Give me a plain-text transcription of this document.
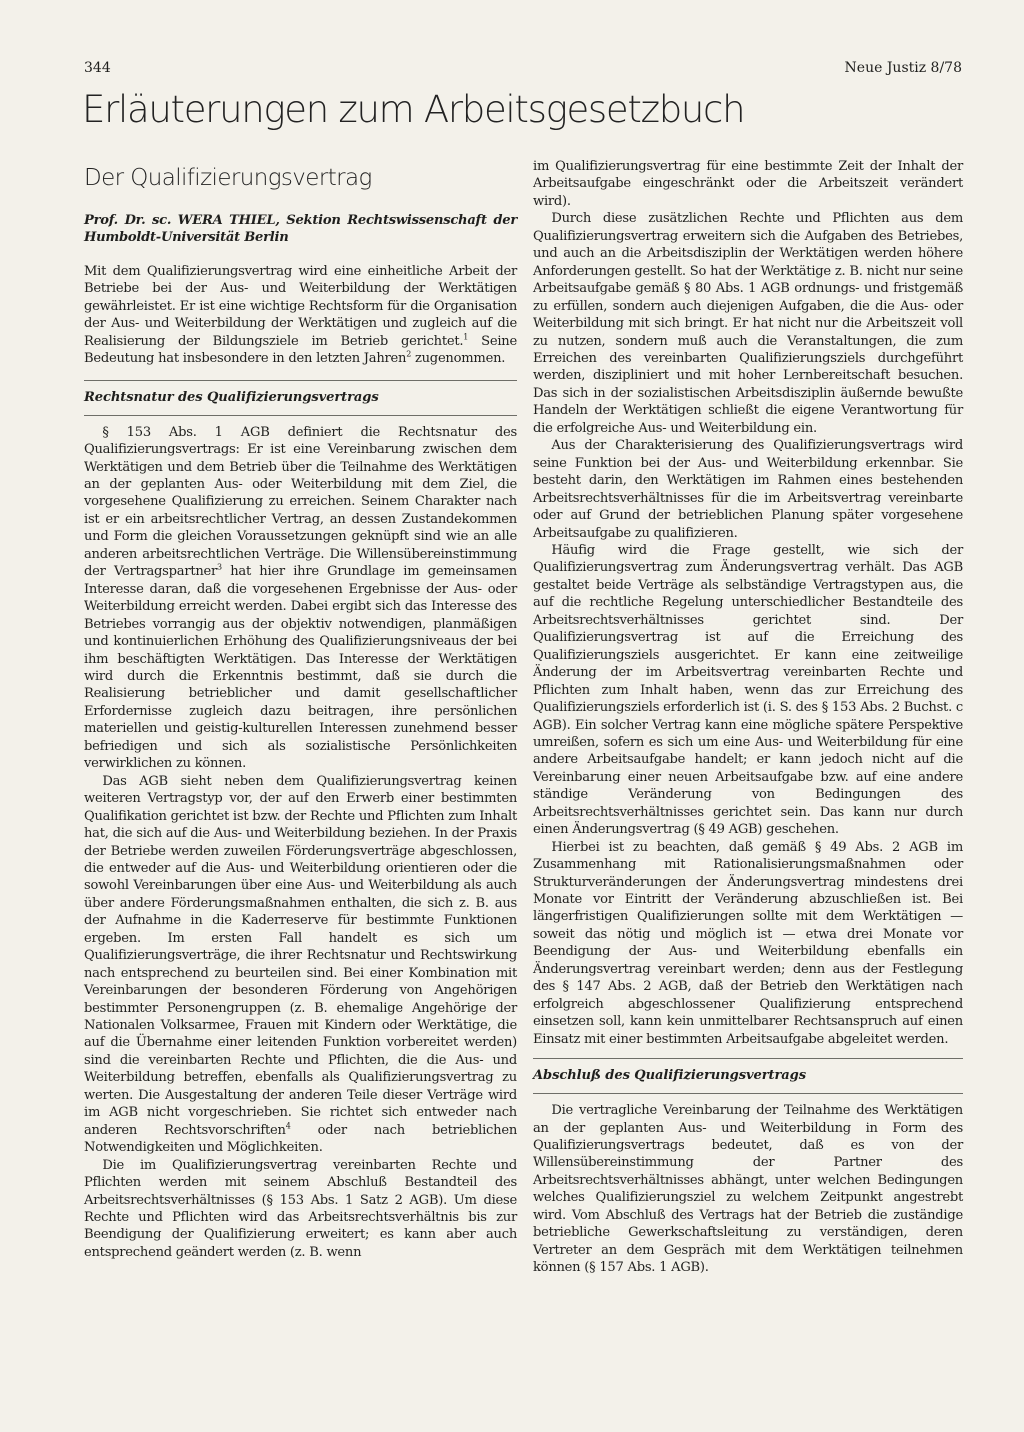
344	Neue Justiz 8/78
Erläuterungen zum Arbeitsgesetzbuch
Der Qualifizierungsvertrag

Prof. Dr. sc. WERA THIEL, Sektion Rechtswissenschaft der Humboldt-Universität Berlin

Mit dem Qualifizierungsvertrag wird eine einheitliche Arbeit der Betriebe bei der Aus- und Weiterbildung der Werktätigen gewährleistet. Er ist eine wichtige Rechtsform für die Organisation der Aus- und Weiterbildung der Werktätigen und zugleich auf die Realisierung der Bildungsziele im Betrieb gerichtet.$^1$ Seine Bedeutung hat insbesondere in den letzten Jahren$^2$ zugenommen.

Rechtsnatur des Qualifizierungsvertrags

§ 153 Abs. 1 AGB definiert die Rechtsnatur des Qualifizierungsvertrags: Er ist eine Vereinbarung zwischen dem Werktätigen und dem Betrieb über die Teilnahme des Werktätigen an der geplanten Aus- oder Weiterbildung mit dem Ziel, die vorgesehene Qualifizierung zu erreichen. Seinem Charakter nach ist er ein arbeitsrechtlicher Vertrag, an dessen Zustandekommen und Form die gleichen Voraussetzungen geknüpft sind wie an alle anderen arbeitsrechtlichen Verträge. Die Willensübereinstimmung der Vertragspartner$^3$ hat hier ihre Grundlage im gemeinsamen Interesse daran, daß die vorgesehenen Ergebnisse der Aus- oder Weiterbildung erreicht werden. Dabei ergibt sich das Interesse des Betriebes vorrangig aus der objektiv notwendigen, planmäßigen und kontinuierlichen Erhöhung des Qualifizierungsniveaus der bei ihm beschäftigten Werktätigen. Das Interesse der Werktätigen wird durch die Erkenntnis bestimmt, daß sie durch die Realisierung betrieblicher und damit gesellschaftlicher Erfordernisse zugleich dazu beitragen, ihre persönlichen materiellen und geistig-kulturellen Interessen zunehmend besser befriedigen und sich als sozialistische Persönlichkeiten verwirklichen zu können.

Das AGB sieht neben dem Qualifizierungsvertrag keinen weiteren Vertragstyp vor, der auf den Erwerb einer bestimmten Qualifikation gerichtet ist bzw. der Rechte und Pflichten zum Inhalt hat, die sich auf die Aus- und Weiterbildung beziehen. In der Praxis der Betriebe werden zuweilen Förderungsverträge abgeschlossen, die entweder auf die Aus- und Weiterbildung orientieren oder die sowohl Vereinbarungen über eine Aus- und Weiterbildung als auch über andere Förderungsmaßnahmen enthalten, die sich z. B. aus der Aufnahme in die Kaderreserve für bestimmte Funktionen ergeben. Im ersten Fall handelt es sich um Qualifizierungsverträge, die ihrer Rechtsnatur und Rechtswirkung nach entsprechend zu beurteilen sind. Bei einer Kombination mit Vereinbarungen der besonderen Förderung von Angehörigen bestimmter Personengruppen (z. B. ehemalige Angehörige der Nationalen Volksarmee, Frauen mit Kindern oder Werktätige, die auf die Übernahme einer leitenden Funktion vorbereitet werden) sind die vereinbarten Rechte und Pflichten, die die Aus- und Weiterbildung betreffen, ebenfalls als Qualifizierungsvertrag zu werten. Die Ausgestaltung der anderen Teile dieser Verträge wird im AGB nicht vorgeschrieben. Sie richtet sich entweder nach anderen Rechtsvorschriften$^4$ oder nach betrieblichen Notwendigkeiten und Möglichkeiten.

Die im Qualifizierungsvertrag vereinbarten Rechte und Pflichten werden mit seinem Abschluß Bestandteil des Arbeitsrechtsverhältnisses (§ 153 Abs. 1 Satz 2 AGB). Um diese Rechte und Pflichten wird das Arbeitsrechtsverhältnis bis zur Beendigung der Qualifizierung erweitert; es kann aber auch entsprechend geändert werden (z. B. wenn

im Qualifizierungsvertrag für eine bestimmte Zeit der Inhalt der Arbeitsaufgabe eingeschränkt oder die Arbeitszeit verändert wird).

Durch diese zusätzlichen Rechte und Pflichten aus dem Qualifizierungsvertrag erweitern sich die Aufgaben des Betriebes, und auch an die Arbeitsdisziplin der Werktätigen werden höhere Anforderungen gestellt. So hat der Werktätige z. B. nicht nur seine Arbeitsaufgabe gemäß § 80 Abs. 1 AGB ordnungs- und fristgemäß zu erfüllen, sondern auch diejenigen Aufgaben, die die Aus- oder Weiterbildung mit sich bringt. Er hat nicht nur die Arbeitszeit voll zu nutzen, sondern muß auch die Veranstaltungen, die zum Erreichen des vereinbarten Qualifizierungsziels durchgeführt werden, diszipliniert und mit hoher Lernbereitschaft besuchen. Das sich in der sozialistischen Arbeitsdisziplin äußernde bewußte Handeln der Werktätigen schließt die eigene Verantwortung für die erfolgreiche Aus- und Weiterbildung ein.

Aus der Charakterisierung des Qualifizierungsvertrags wird seine Funktion bei der Aus- und Weiterbildung erkennbar. Sie besteht darin, den Werktätigen im Rahmen eines bestehenden Arbeitsrechtsverhältnisses für die im Arbeitsvertrag vereinbarte oder auf Grund der betrieblichen Planung später vorgesehene Arbeitsaufgabe zu qualifizieren.

Häufig wird die Frage gestellt, wie sich der Qualifizierungsvertrag zum Änderungsvertrag verhält. Das AGB gestaltet beide Verträge als selbständige Vertragstypen aus, die auf die rechtliche Regelung unterschiedlicher Bestandteile des Arbeitsrechtsverhältnisses gerichtet sind. Der Qualifizierungsvertrag ist auf die Erreichung des Qualifizierungsziels ausgerichtet. Er kann eine zeitweilige Änderung der im Arbeitsvertrag vereinbarten Rechte und Pflichten zum Inhalt haben, wenn das zur Erreichung des Qualifizierungsziels erforderlich ist (i. S. des § 153 Abs. 2 Buchst. c AGB). Ein solcher Vertrag kann eine mögliche spätere Perspektive umreißen, sofern es sich um eine Aus- und Weiterbildung für eine andere Arbeitsaufgabe handelt; er kann jedoch nicht auf die Vereinbarung einer neuen Arbeitsaufgabe bzw. auf eine andere ständige Veränderung von Bedingungen des Arbeitsrechtsverhältnisses gerichtet sein. Das kann nur durch einen Änderungsvertrag (§ 49 AGB) geschehen.

Hierbei ist zu beachten, daß gemäß § 49 Abs. 2 AGB im Zusammenhang mit Rationalisierungsmaßnahmen oder Strukturveränderungen der Änderungsvertrag mindestens drei Monate vor Eintritt der Veränderung abzuschließen ist. Bei längerfristigen Qualifizierungen sollte mit dem Werktätigen — soweit das nötig und möglich ist — etwa drei Monate vor Beendigung der Aus- und Weiterbildung ebenfalls ein Änderungsvertrag vereinbart werden; denn aus der Festlegung des § 147 Abs. 2 AGB, daß der Betrieb den Werktätigen nach erfolgreich abgeschlossener Qualifizierung entsprechend einsetzen soll, kann kein unmittelbarer Rechtsanspruch auf einen Einsatz mit einer bestimmten Arbeitsaufgabe abgeleitet werden.

Abschluß des Qualifizierungsvertrags

Die vertragliche Vereinbarung der Teilnahme des Werktätigen an der geplanten Aus- und Weiterbildung in Form des Qualifizierungsvertrags bedeutet, daß es von der Willensübereinstimmung der Partner des Arbeitsrechtsverhältnisses abhängt, unter welchen Bedingungen welches Qualifizierungsziel zu welchem Zeitpunkt angestrebt wird. Vom Abschluß des Vertrags hat der Betrieb die zuständige betriebliche Gewerkschaftsleitung zu verständigen, deren Vertreter an dem Gespräch mit dem Werktätigen teilnehmen können (§ 157 Abs. 1 AGB).
